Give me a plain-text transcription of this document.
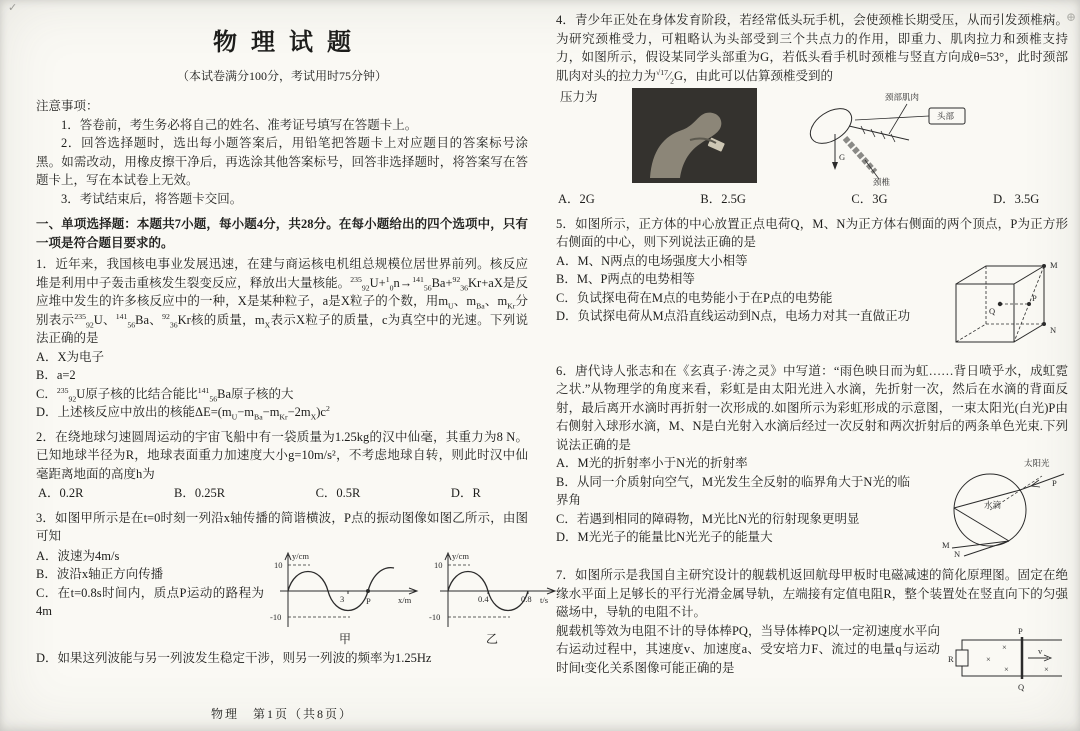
✓
⊕
物理试题

（本试卷满分100分，考试用时75分钟）

注意事项：

1．答卷前，考生务必将自己的姓名、准考证号填写在答题卡上。

2．回答选择题时，选出每小题答案后，用铅笔把答题卡上对应题目的答案标号涂黑。如需改动，用橡皮擦干净后，再选涂其他答案标号，回答非选择题时，将答案写在答题卡上，写在本试卷上无效。

3．考试结束后，将答题卡交回。

一、单项选择题：本题共7小题，每小题4分，共28分。在每小题给出的四个选项中，只有一项是符合题目要求的。

1．近年来，我国核电事业发展迅速，在建与商运核电机组总规模位居世界前列。核反应堆是利用中子轰击重核发生裂变反应，释放出大量核能。$^{235}_{92}$U+$^1_0$n→$^{141}_{56}$Ba+$^{92}_{36}$Kr+aX是反应堆中发生的许多核反应中的一种，X是某种粒子，a是X粒子的个数，用$m_U$、$m_{Ba}$、$m_{Kr}$分别表示$^{235}_{92}$U、$^{141}_{56}$Ba、$^{92}_{36}$Kr核的质量，$m_X$表示X粒子的质量，c为真空中的光速。下列说法正确的是

A．X为电子

B．a=2

C．$^{235}_{92}$U原子核的比结合能比$^{141}_{56}$Ba原子核的大

D．上述核反应中放出的核能$\Delta E=(m_U-m_{Ba}-m_{Kr}-2m_X)c^2$

2．在绕地球匀速圆周运动的宇宙飞船中有一袋质量为1.25kg的汉中仙毫，其重力为8 N。已知地球半径为R，地球表面重力加速度大小g=10m/s²，不考虑地球自转，则此时汉中仙毫距离地面的高度h为

A．0.2R	B．0.25R	C．0.5R	D．R

3．如图甲所示是在t=0时刻一列沿x轴传播的简谐横波，P点的振动图像如图乙所示，由图可知

A．波速为4m/s

B．波沿x轴正方向传播

C．在t=0.8s时间内，质点P运动的路程为4m

y/cm
10
-10
3	P	x/m
甲
y/cm
10
-10
0.4	0.8 t/s
乙

D．如果这列波能与另一列波发生稳定干涉，则另一列波的频率为1.25Hz

4．青少年正处在身体发育阶段，若经常低头玩手机，会使颈椎长期受压，从而引发颈椎病。为研究颈椎受力，可粗略认为头部受到三个共点力的作用，即重力、肌肉拉力和颈椎支持力，如图所示，假设某同学头部重为G，若低头看手机时颈椎与竖直方向成θ=53°，此时颈部肌肉对头的拉力为$^{√17}⁄_2G$，由此可以估算颈椎受到的

压力为	颈部肌肉
头部
G
颈椎
A．2G	B．2.5G	C．3G	D．3.5G

5．如图所示，正方体的中心放置正点电荷Q，M、N为正方体右侧面的两个顶点，P为正方形右侧面的中心，则下列说法正确的是

Q
P
M
N

A．M、N两点的电场强度大小相等

B．M、P两点的电势相等

C．负试探电荷在M点的电势能小于在P点的电势能

D．负试探电荷从M点沿直线运动到N点，电场力对其一直做正功

6．唐代诗人张志和在《玄真子·涛之灵》中写道：“雨色映日而为虹……背日喷乎水，成虹霓之状.”从物理学的角度来看，彩虹是由太阳光进入水滴，先折射一次，然后在水滴的背面反射，最后离开水滴时再折射一次形成的.如图所示为彩虹形成的示意图，一束太阳光(白光)P由右侧射入球形水滴，M、N是白光射入水滴后经过一次反射和两次折射后的两条单色光束.下列说法正确的是

太阳光
P
水滴
M
N

A．M光的折射率小于N光的折射率

B．从同一介质射向空气，M光发生全反射的临界角大于N光的临界角

C．若遇到相同的障碍物，M光比N光的衍射现象更明显

D．M光光子的能量比N光光子的能量大

7．如图所示是我国自主研究设计的舰载机返回航母甲板时电磁减速的简化原理图。固定在绝缘水平面上足够长的平行光滑金属导轨，左端接有定值电阻R，整个装置处在竖直向下的匀强磁场中，导轨的电阻不计。

R
P
Q
v
×
×
×	×

舰载机等效为电阻不计的导体棒PQ，当导体棒PQ以一定初速度水平向右运动过程中，其速度v、加速度a、受安培力F、流过的电量q与运动时间t变化关系图像可能正确的是

物理　第1页（共8页）
